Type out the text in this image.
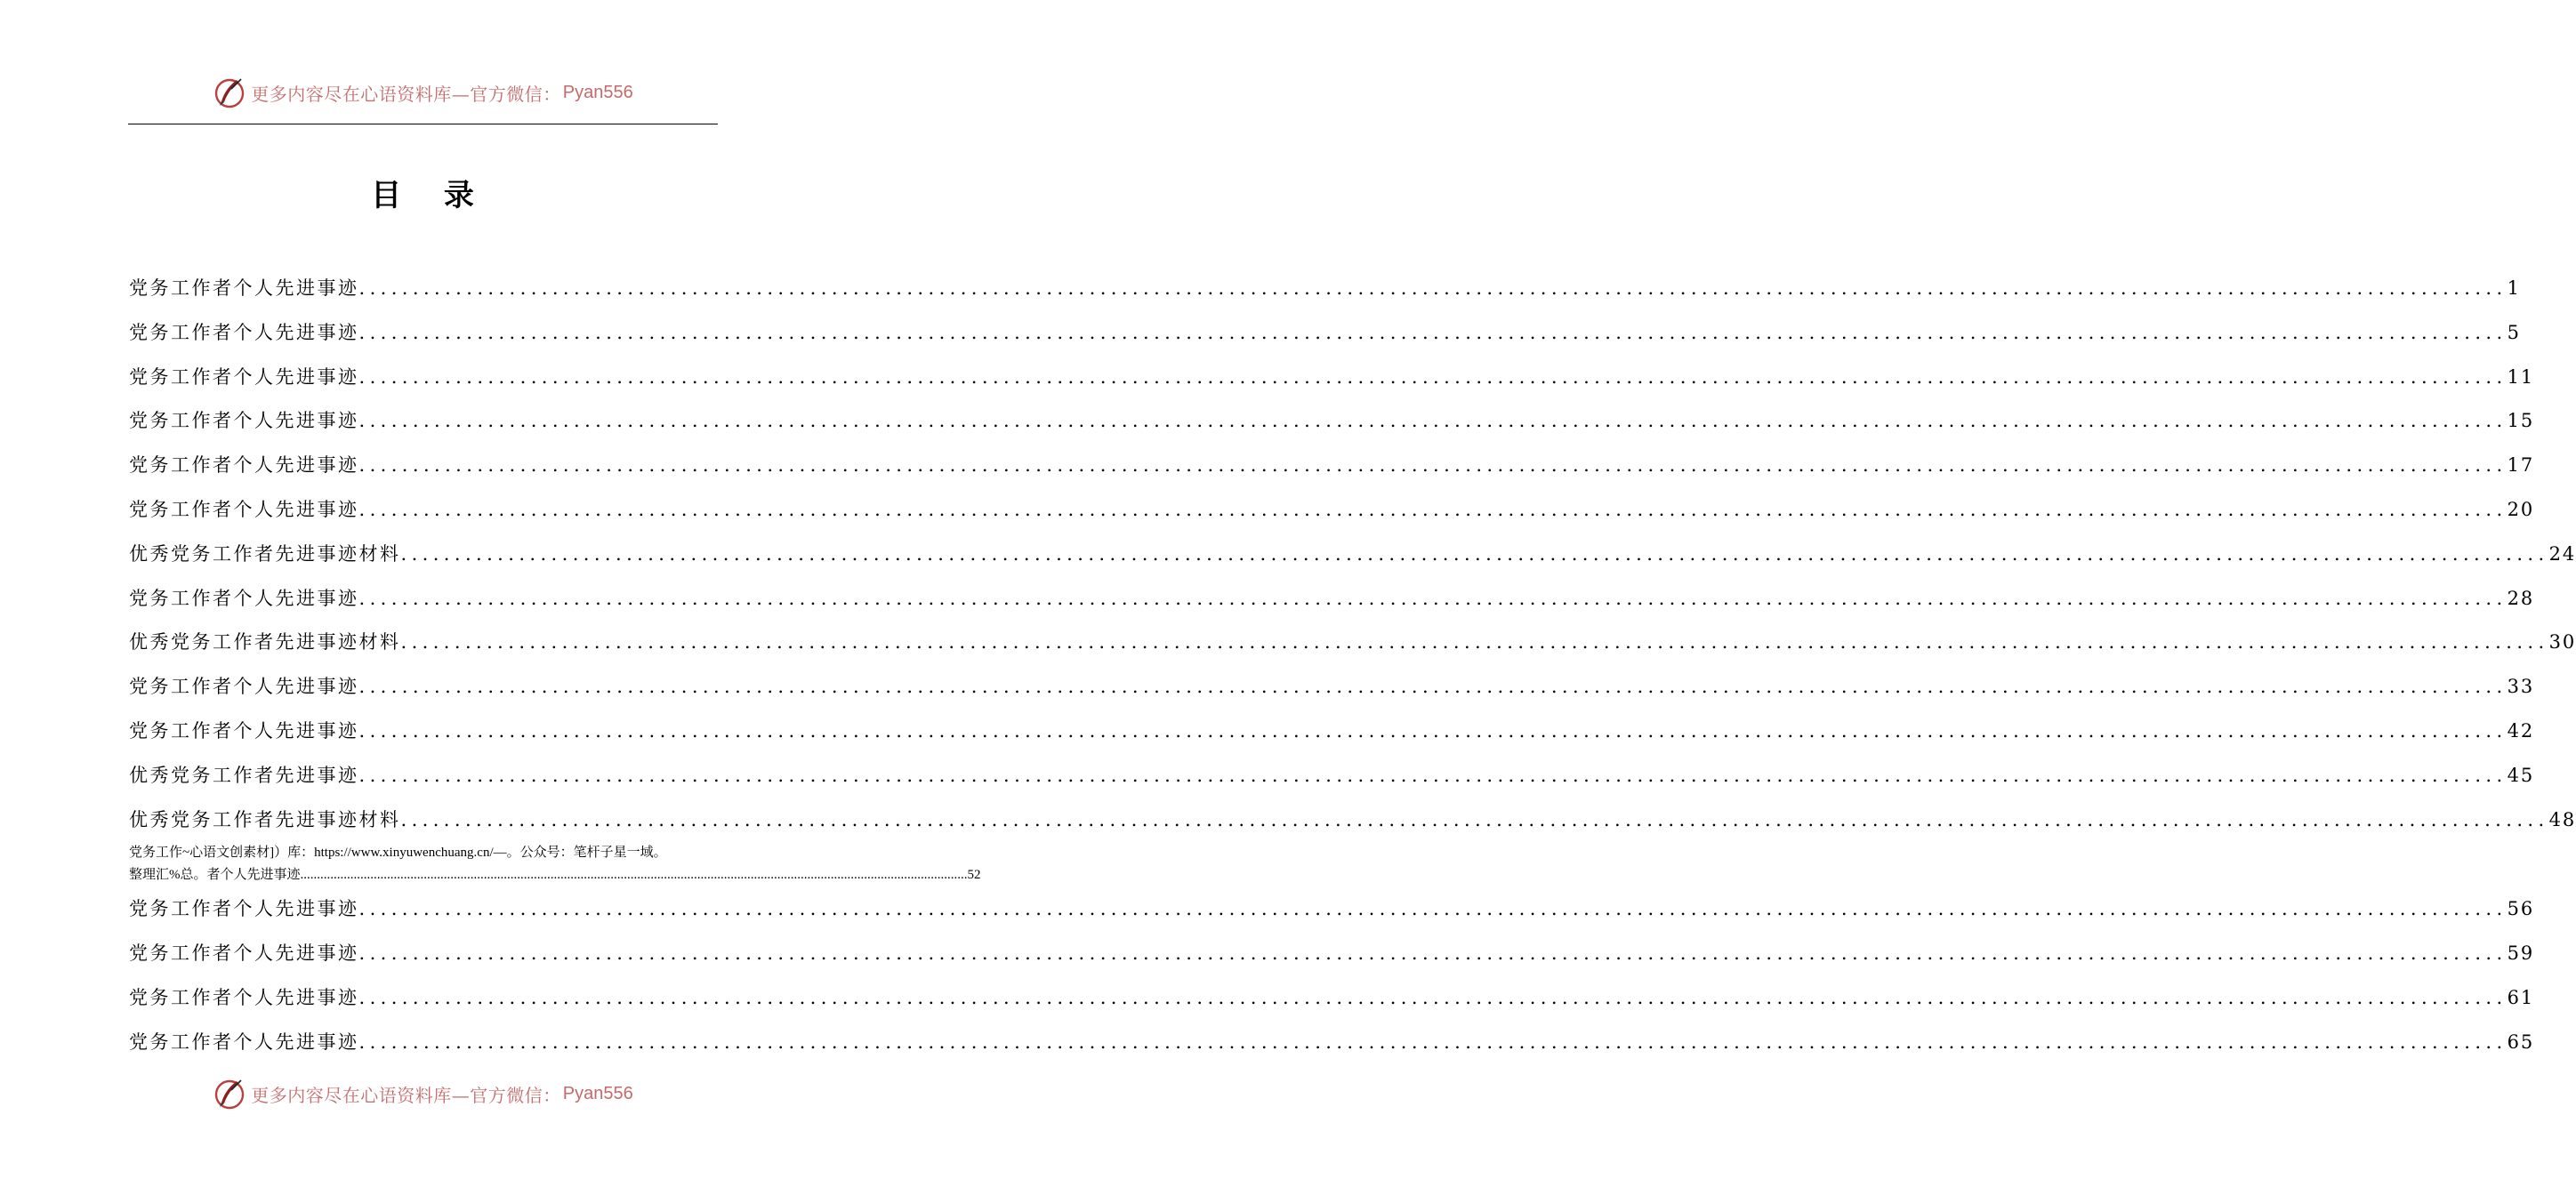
更多内容尽在心语资料库—官方微信： Pyan556
目 录
党务工作者个人先进事迹 ........................................................................................................................................................................................................ 1
党务工作者个人先进事迹 ........................................................................................................................................................................................................ 5
党务工作者个人先进事迹 ........................................................................................................................................................................................................ 11
党务工作者个人先进事迹 ........................................................................................................................................................................................................ 15
党务工作者个人先进事迹 ........................................................................................................................................................................................................ 17
党务工作者个人先进事迹 ........................................................................................................................................................................................................ 20
优秀党务工作者先进事迹材料 ........................................................................................................................................................................................................ 24
党务工作者个人先进事迹 ........................................................................................................................................................................................................ 28
优秀党务工作者先进事迹材料 ........................................................................................................................................................................................................ 30
党务工作者个人先进事迹 ........................................................................................................................................................................................................ 33
党务工作者个人先进事迹 ........................................................................................................................................................................................................ 42
优秀党务工作者先进事迹 ........................................................................................................................................................................................................ 45
优秀党务工作者先进事迹材料 ........................................................................................................................................................................................................ 48
党务工作~心语文创素材]）库：https://www.xinyuwenchuang.cn/—。公众号：笔杆子星一域。
整理汇%总。者个人先进事迹 ........................................................................................................................................................................................................ 52
党务工作者个人先进事迹 ........................................................................................................................................................................................................ 56
党务工作者个人先进事迹 ........................................................................................................................................................................................................ 59
党务工作者个人先进事迹 ........................................................................................................................................................................................................ 61
党务工作者个人先进事迹 ........................................................................................................................................................................................................ 65
更多内容尽在心语资料库—官方微信： Pyan556
